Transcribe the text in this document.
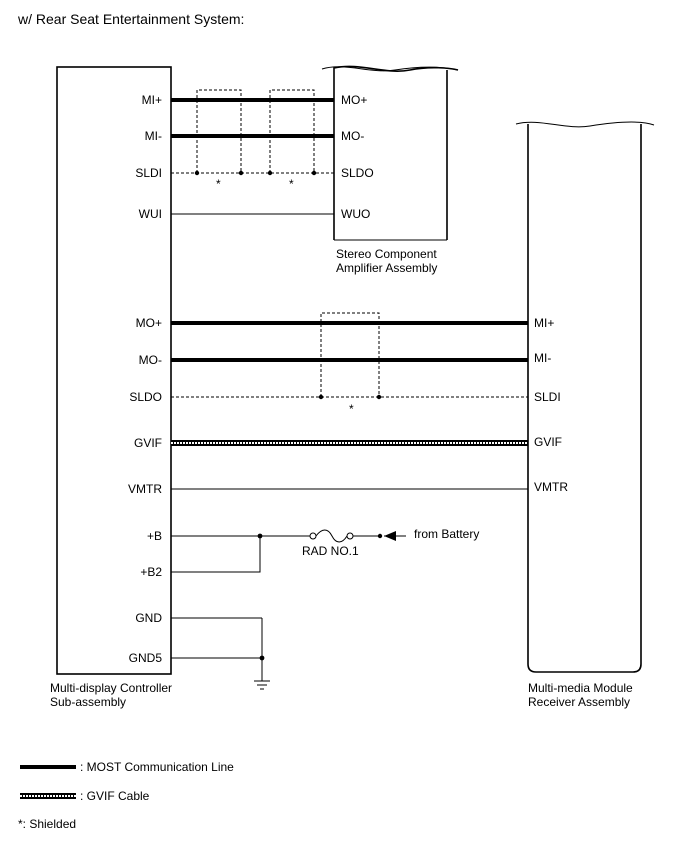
w/ Rear Seat Entertainment System:
Multi-display Controller
Sub-assembly
Stereo Component
Amplifier Assembly
Multi-media Module
Receiver Assembly
MI+
MI-
SLDI
WUI
MO+
MO-
SLDO
GVIF
VMTR
+B
+B2
GND
GND5
MO+
MO-
SLDO
WUO
MI+
MI-
SLDI
GVIF
VMTR
*	*
*
RAD NO.1
from Battery
: MOST Communication Line
: GVIF Cable
*: Shielded
